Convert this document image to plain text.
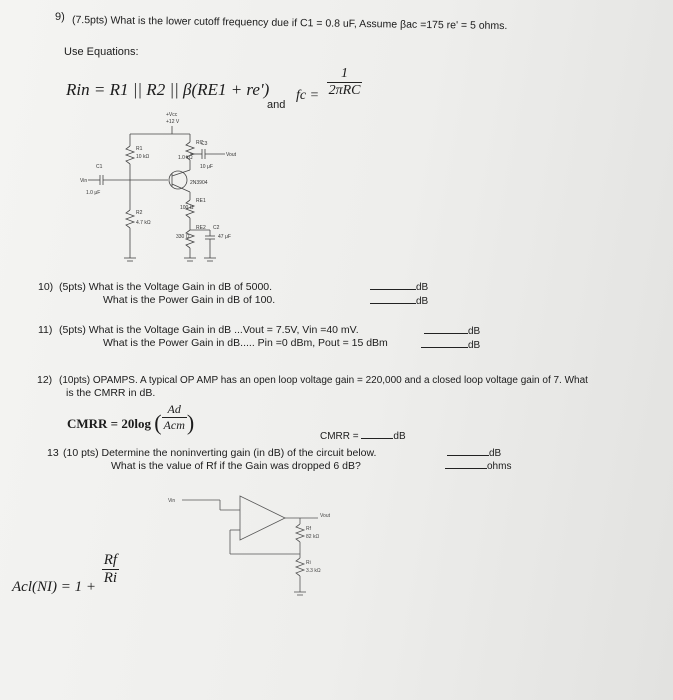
9) (7.5pts) What is the lower cutoff frequency due if C1 = 0.8 uF, Assume βac =175 re' = 5 ohms.
Use Equations:
Rin = R1 || R2 || β(RE1 + re')
and
fc = $\frac{1}{\text{2πRC}}$
+Vcc
+12 V
R1
10 kΩ
RC
1.0 kΩ
C3
10 μF
Vout
C1
1.0 μF
Vin	2N3904
RE1
100 Ω
R2
4.7 kΩ
RE2
330 Ω
C2
47 μF
10) (5pts) What is the Voltage Gain in dB of 5000.
What is the Power Gain in dB of 100.
dB
dB
11) (5pts) What is the Voltage Gain in dB ...Vout = 7.5V, Vin =40 mV.
What is the Power Gain in dB..... Pin =0 dBm, Pout = 15 dBm
dB
dB
12) (10pts) OPAMPS. A typical OP AMP has an open loop voltage gain = 220,000 and a closed loop voltage gain of 7. What
is the CMRR in dB.
CMRR = 20log ( $\frac{Ad}{\text{Acm}}$ )
CMRR =	dB
13 (10 pts) Determine the noninverting gain (in dB) of the circuit below.
What is the value of Rf if the Gain was dropped 6 dB?
dB
ohms
Vin
Vout
Rf
82 kΩ
Ri
3.3 kΩ
$Acl(NI) = 1 + \frac{Rf}{Ri}$
